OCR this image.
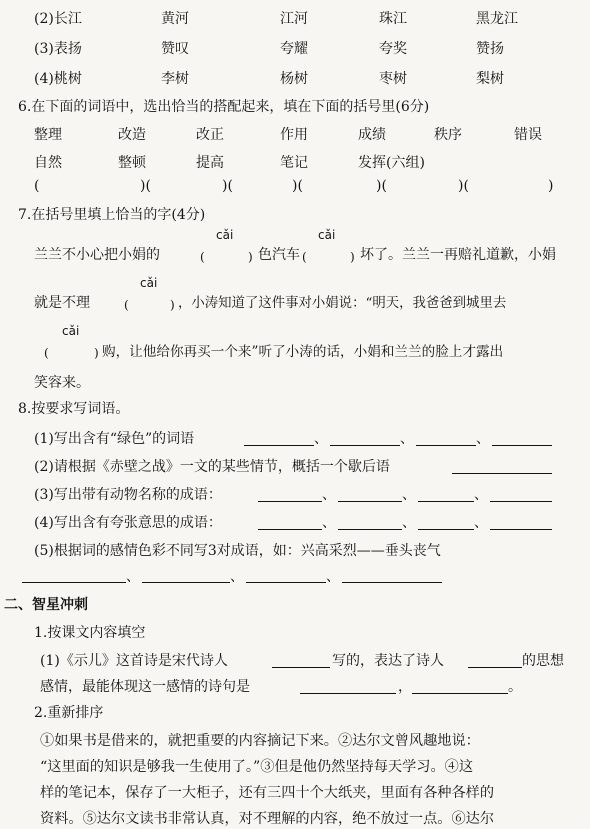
(2)长江	黄河	江河	珠江	黑龙江
(3)表扬	赞叹	夸耀	夸奖	赞扬
(4)桃树	李树	杨树	枣树	梨树
6.在下面的词语中，选出恰当的搭配起来，填在下面的括号里(6分)
整理	改造	改正	作用	成绩	秩序	错误
自然	整顿	提高	笔记	发挥(六组)
(	)(	)(	)(	)(	)(	)
7.在括号里填上恰当的字(4分)
cǎi	cǎi
兰兰不小心把小娟的	(	) 色汽车 (	) 坏了。兰兰一再赔礼道歉，小娟
cǎi
就是不理	(	) ，小涛知道了这件事对小娟说：“明天，我爸爸到城里去
cǎi
(	) 购，让他给你再买一个来”听了小涛的话，小娟和兰兰的脸上才露出
笑容来。
8.按要求写词语。
(1)写出含有“绿色”的词语	、	、	、
(2)请根据《赤壁之战》一文的某些情节，概括一个歇后语
(3)写出带有动物名称的成语：	、	、	、
(4)写出含有夸张意思的成语：	、	、	、
(5)根据词的感情色彩不同写3对成语，如：兴高采烈——垂头丧气
、	、	、
二、智星冲刺
1.按课文内容填空
(1)《示儿》这首诗是宋代诗人	写的，表达了诗人	的思想
感情，最能体现这一感情的诗句是	，	。
2.重新排序
①如果书是借来的，就把重要的内容摘记下来。②达尔文曾风趣地说：
“这里面的知识是够我一生使用了。”③但是他仍然坚持每天学习。④这
样的笔记本，保存了一大柜子，还有三四十个大纸夹，里面有各种各样的
资料。⑤达尔文读书非常认真，对不理解的内容，绝不放过一点。⑥达尔
